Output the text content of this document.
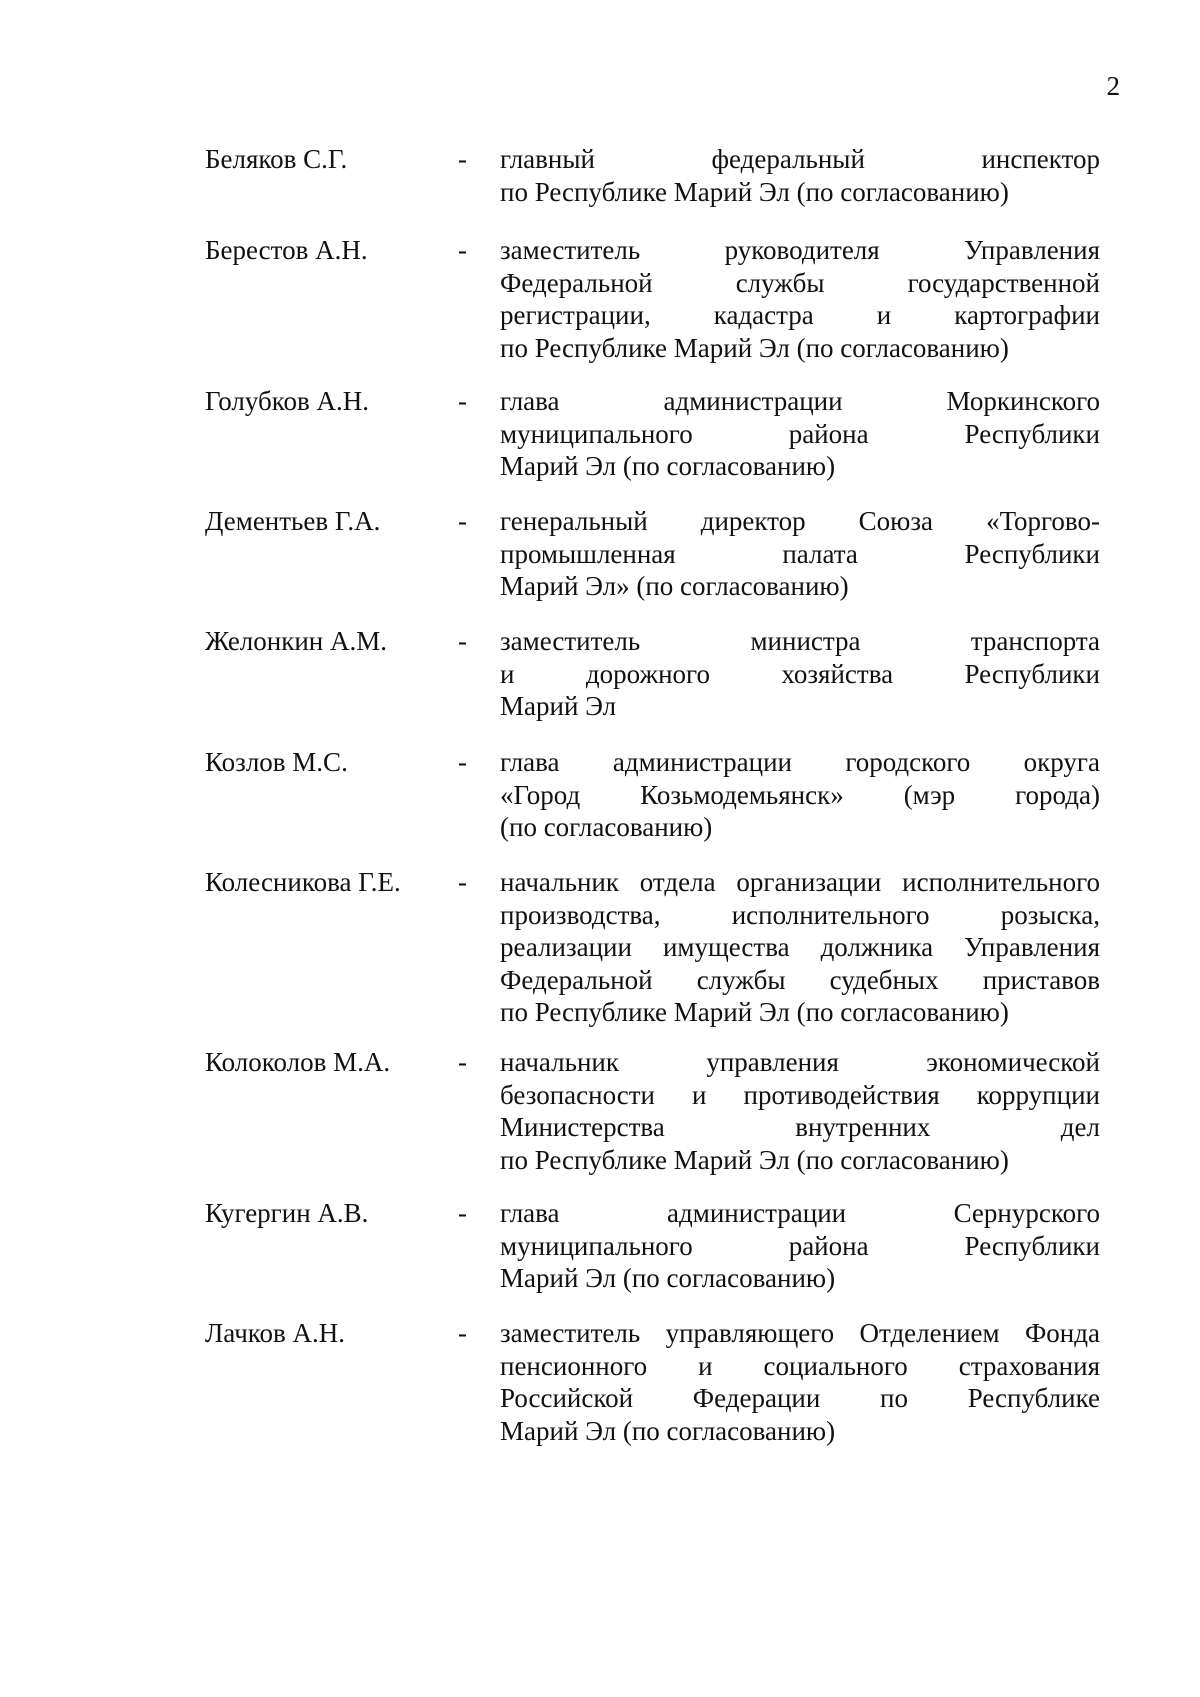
2
Беляков С.Г.	- главный	федеральный	инспектор
по Республике Марий Эл (по согласованию)
Берестов А.Н.	- заместитель	руководителя	Управления
Федеральной	службы	государственной
регистрации, кадастра и картографии
по Республике Марий Эл (по согласованию)
Голубков А.Н.	- глава	администрации	Моркинского
муниципального	района	Республики
Марий Эл (по согласованию)
Дементьев Г.А.	- генеральный директор Союза «Торгово-
промышленная	палата	Республики
Марий Эл» (по согласованию)
Желонкин А.М.	- заместитель	министра	транспорта
и	дорожного	хозяйства	Республики
Марий Эл
Козлов М.С.	- глава администрации городского округа
«Город Козьмодемьянск» (мэр города)
(по согласованию)
Колесникова Г.Е. - начальник отдела организации исполнительного
производства,	исполнительного	розыска,
реализации имущества должника Управления
Федеральной службы судебных приставов
по Республике Марий Эл (по согласованию)
Колоколов М.А.	- начальник	управления	экономической
безопасности и противодействия коррупции
Министерства	внутренних	дел
по Республике Марий Эл (по согласованию)
Кугергин А.В.	- глава	администрации	Сернурского
муниципального	района	Республики
Марий Эл (по согласованию)
Лачков А.Н.	- заместитель управляющего Отделением Фонда
пенсионного и социального страхования
Российской Федерации по Республике
Марий Эл (по согласованию)
